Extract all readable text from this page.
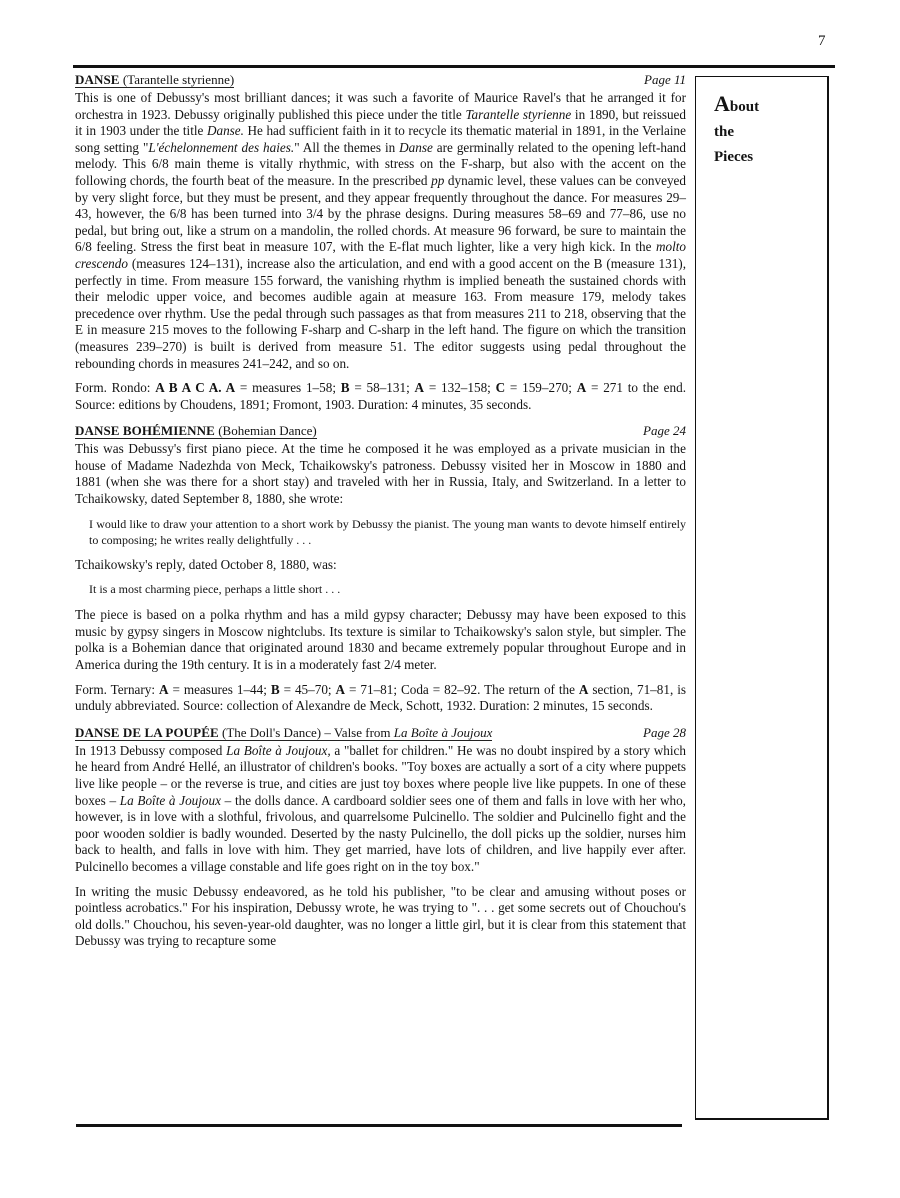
7
About
the
Pieces
DANSE (Tarantelle styrienne)	Page 11

This is one of Debussy's most brilliant dances; it was such a favorite of Maurice Ravel's that he arranged it for orchestra in 1923. Debussy originally published this piece under the title Tarantelle styrienne in 1890, but reissued it in 1903 under the title Danse. He had sufficient faith in it to recycle its thematic material in 1891, in the Verlaine song setting "L'échelonnement des haies." All the themes in Danse are germinally related to the opening left-hand melody. This 6/8 main theme is vitally rhythmic, with stress on the F-sharp, but also with the accent on the following chords, the fourth beat of the measure. In the prescribed pp dynamic level, these values can be conveyed by very slight force, but they must be present, and they appear frequently throughout the dance. For measures 29–43, however, the 6/8 has been turned into 3/4 by the phrase designs. During measures 58–69 and 77–86, use no pedal, but bring out, like a strum on a mandolin, the rolled chords. At measure 96 forward, be sure to maintain the 6/8 feeling. Stress the first beat in measure 107, with the E-flat much lighter, like a very high kick. In the molto crescendo (measures 124–131), increase also the articulation, and end with a good accent on the B (measure 131), perfectly in time. From measure 155 forward, the vanishing rhythm is implied beneath the sustained chords with their melodic upper voice, and becomes audible again at measure 163. From measure 179, melody takes precedence over rhythm. Use the pedal through such passages as that from measures 211 to 218, observing that the E in measure 215 moves to the following F-sharp and C-sharp in the left hand. The figure on which the transition (measures 239–270) is built is derived from measure 51. The editor suggests using pedal throughout the rebounding chords in measures 241–242, and so on.

Form. Rondo: A B A C A. A = measures 1–58; B = 58–131; A = 132–158; C = 159–270; A = 271 to the end. Source: editions by Choudens, 1891; Fromont, 1903. Duration: 4 minutes, 35 seconds.

DANSE BOHÉMIENNE (Bohemian Dance)	Page 24

This was Debussy's first piano piece. At the time he composed it he was employed as a private musician in the house of Madame Nadezhda von Meck, Tchaikowsky's patroness. Debussy visited her in Moscow in 1880 and 1881 (when she was there for a short stay) and traveled with her in Russia, Italy, and Switzerland. In a letter to Tchaikowsky, dated September 8, 1880, she wrote:

I would like to draw your attention to a short work by Debussy the pianist. The young man wants to devote himself entirely to composing; he writes really delightfully . . .

Tchaikowsky's reply, dated October 8, 1880, was:

It is a most charming piece, perhaps a little short . . .

The piece is based on a polka rhythm and has a mild gypsy character; Debussy may have been exposed to this music by gypsy singers in Moscow nightclubs. Its texture is similar to Tchaikowsky's salon style, but simpler. The polka is a Bohemian dance that originated around 1830 and became extremely popular throughout Europe and in America during the 19th century. It is in a moderately fast 2/4 meter.

Form. Ternary: A = measures 1–44; B = 45–70; A = 71–81; Coda = 82–92. The return of the A section, 71–81, is unduly abbreviated. Source: collection of Alexandre de Meck, Schott, 1932. Duration: 2 minutes, 15 seconds.

DANSE DE LA POUPÉE (The Doll's Dance) – Valse from La Boîte à Joujoux	Page 28

In 1913 Debussy composed La Boîte à Joujoux, a "ballet for children." He was no doubt inspired by a story which he heard from André Hellé, an illustrator of children's books. "Toy boxes are actually a sort of a city where puppets live like people – or the reverse is true, and cities are just toy boxes where people live like puppets. In one of these boxes – La Boîte à Joujoux – the dolls dance. A cardboard soldier sees one of them and falls in love with her who, however, is in love with a slothful, frivolous, and quarrelsome Pulcinello. The soldier and Pulcinello fight and the poor wooden soldier is badly wounded. Deserted by the nasty Pulcinello, the doll picks up the soldier, nurses him back to health, and falls in love with him. They get married, have lots of children, and live happily ever after. Pulcinello becomes a village constable and life goes right on in the toy box."

In writing the music Debussy endeavored, as he told his publisher, "to be clear and amusing without poses or pointless acrobatics." For his inspiration, Debussy wrote, he was trying to ". . . get some secrets out of Chouchou's old dolls." Chouchou, his seven-year-old daughter, was no longer a little girl, but it is clear from this statement that Debussy was trying to recapture some
